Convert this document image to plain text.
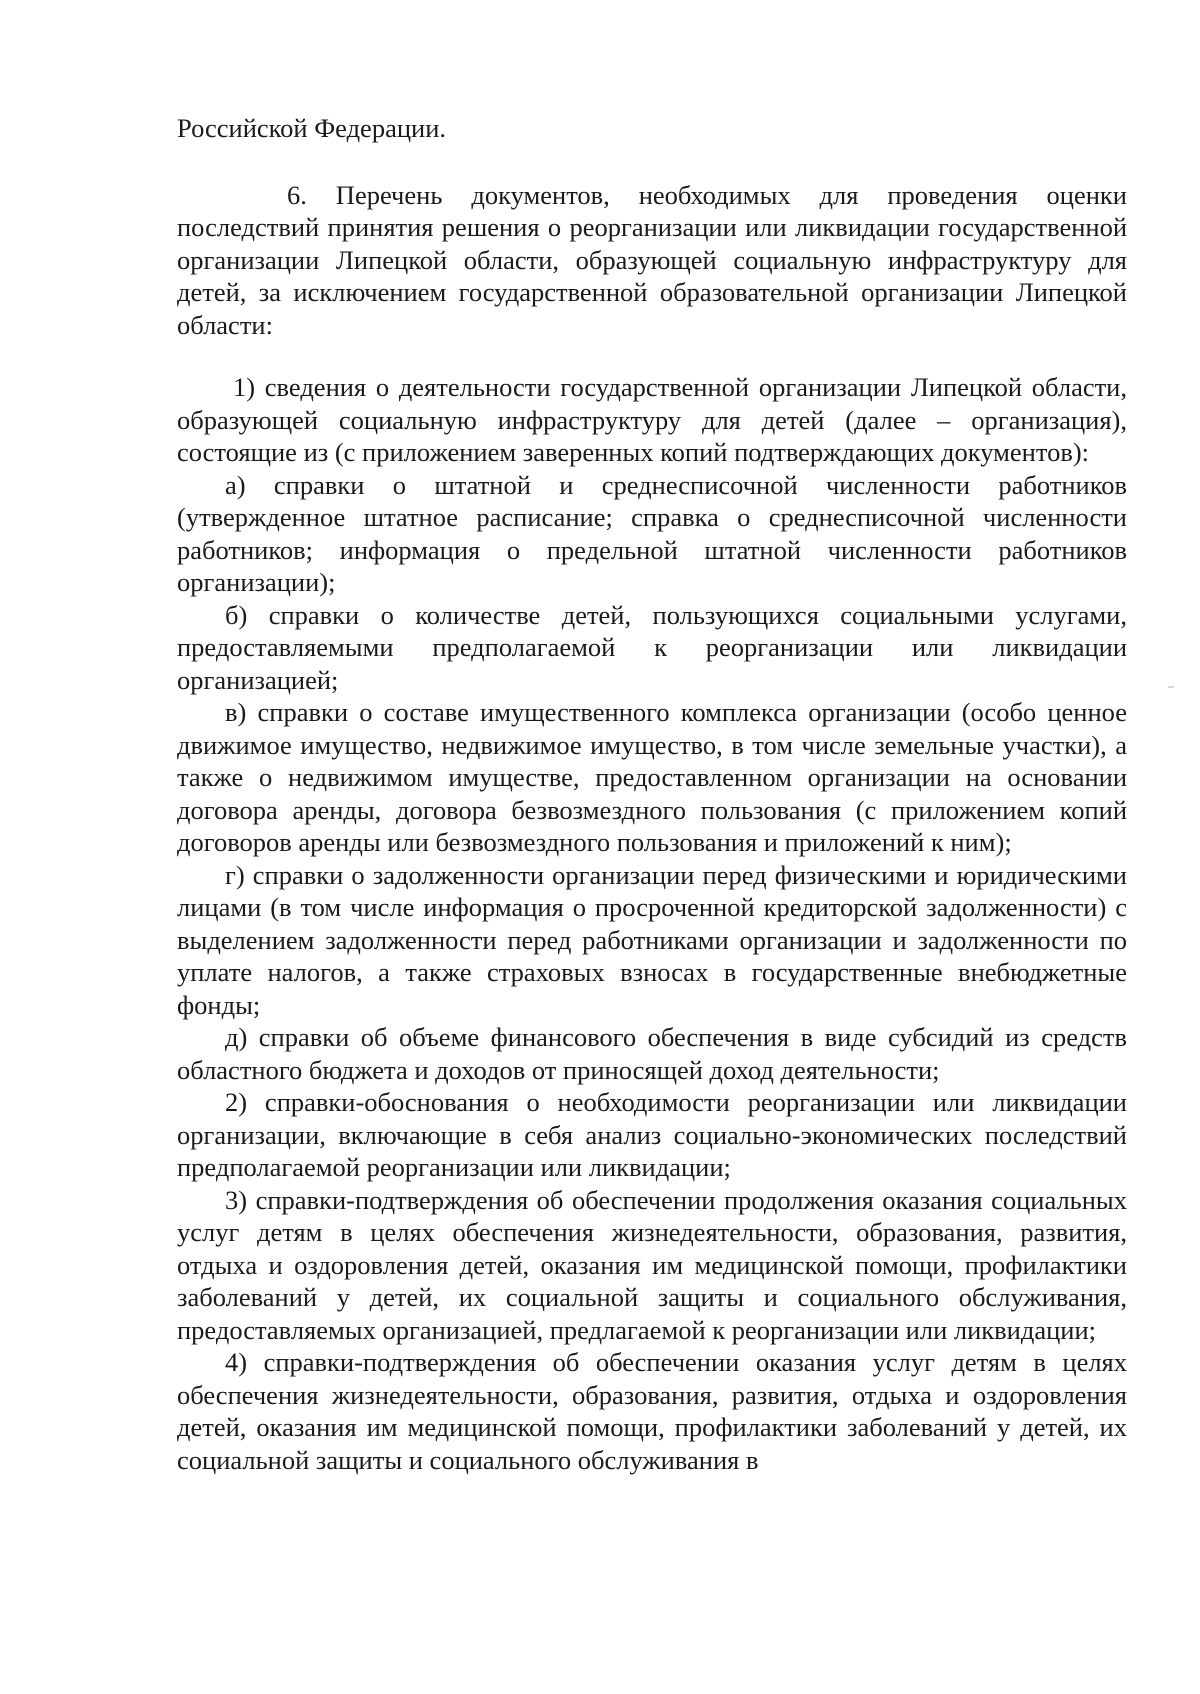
Российской Федерации.

6. Перечень документов, необходимых для проведения оценки последствий принятия решения о реорганизации или ликвидации государственной организации Липецкой области, образующей социальную инфраструктуру для детей, за исключением государственной образовательной организации Липецкой области:

1) сведения о деятельности государственной организации Липецкой области, образующей социальную инфраструктуру для детей (далее – организация), состоящие из (с приложением заверенных копий подтверждающих документов):

а) справки о штатной и среднесписочной численности работников (утвержденное штатное расписание; справка о среднесписочной численности работников; информация о предельной штатной численности работников организации);

б) справки о количестве детей, пользующихся социальными услугами, предоставляемыми предполагаемой к реорганизации или ликвидации организацией;

в) справки о составе имущественного комплекса организации (особо ценное движимое имущество, недвижимое имущество, в том числе земельные участки), а также о недвижимом имуществе, предоставленном организации на основании договора аренды, договора безвозмездного пользования (с приложением копий договоров аренды или безвозмездного пользования и приложений к ним);

г) справки о задолженности организации перед физическими и юридическими лицами (в том числе информация о просроченной кредиторской задолженности) с выделением задолженности перед работниками организации и задолженности по уплате налогов, а также страховых взносах в государственные внебюджетные фонды;

д) справки об объеме финансового обеспечения в виде субсидий из средств областного бюджета и доходов от приносящей доход деятельности;

2) справки-обоснования о необходимости реорганизации или ликвидации организации, включающие в себя анализ социально-экономических последствий предполагаемой реорганизации или ликвидации;

3) справки-подтверждения об обеспечении продолжения оказания социальных услуг детям в целях обеспечения жизнедеятельности, образования, развития, отдыха и оздоровления детей, оказания им медицинской помощи, профилактики заболеваний у детей, их социальной защиты и социального обслуживания, предоставляемых организацией, предлагаемой к реорганизации или ликвидации;

4) справки-подтверждения об обеспечении оказания услуг детям в целях обеспечения жизнедеятельности, образования, развития, отдыха и оздоровления детей, оказания им медицинской помощи, профилактики заболеваний у детей, их социальной защиты и социального обслуживания в
